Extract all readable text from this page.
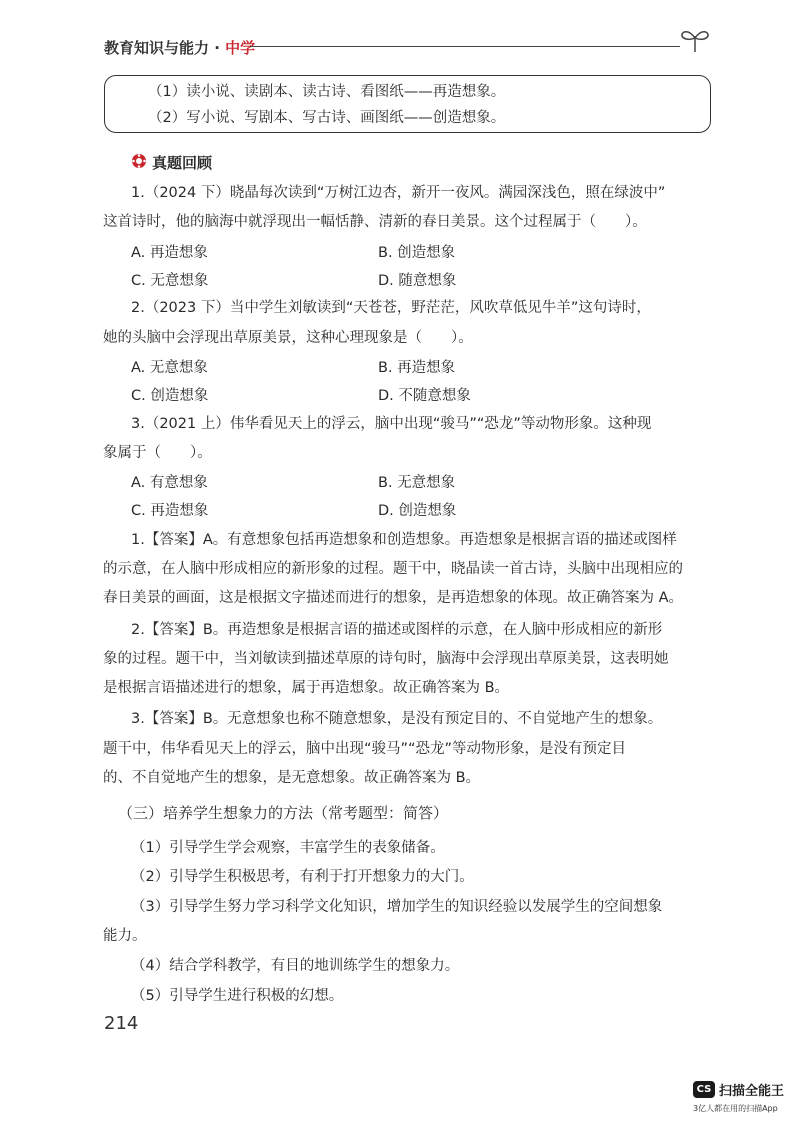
教育知识与能力 · 中学
（1）读小说、读剧本、读古诗、看图纸——再造想象。
（2）写小说、写剧本、写古诗、画图纸——创造想象。
真题回顾
1.（2024 下）晓晶每次读到“万树江边杏，新开一夜风。满园深浅色，照在绿波中”
这首诗时，他的脑海中就浮现出一幅恬静、清新的春日美景。这个过程属于（　　）。
A. 再造想象	B. 创造想象
C. 无意想象	D. 随意想象
2.（2023 下）当中学生刘敏读到“天苍苍，野茫茫，风吹草低见牛羊”这句诗时，
她的头脑中会浮现出草原美景，这种心理现象是（　　）。
A. 无意想象	B. 再造想象
C. 创造想象	D. 不随意想象
3.（2021 上）伟华看见天上的浮云，脑中出现“骏马”“恐龙”等动物形象。这种现
象属于（　　）。
A. 有意想象	B. 无意想象
C. 再造想象	D. 创造想象
1.【答案】A。有意想象包括再造想象和创造想象。再造想象是根据言语的描述或图样
的示意，在人脑中形成相应的新形象的过程。题干中，晓晶读一首古诗，头脑中出现相应的
春日美景的画面，这是根据文字描述而进行的想象，是再造想象的体现。故正确答案为 A。
2.【答案】B。再造想象是根据言语的描述或图样的示意，在人脑中形成相应的新形
象的过程。题干中，当刘敏读到描述草原的诗句时，脑海中会浮现出草原美景，这表明她
是根据言语描述进行的想象，属于再造想象。故正确答案为 B。
3.【答案】B。无意想象也称不随意想象，是没有预定目的、不自觉地产生的想象。
题干中，伟华看见天上的浮云，脑中出现“骏马”“恐龙”等动物形象，是没有预定目
的、不自觉地产生的想象，是无意想象。故正确答案为 B。
（三）培养学生想象力的方法（常考题型：简答）
（1）引导学生学会观察，丰富学生的表象储备。
（2）引导学生积极思考，有利于打开想象力的大门。
（3）引导学生努力学习科学文化知识，增加学生的知识经验以发展学生的空间想象
能力。
（4）结合学科教学，有目的地训练学生的想象力。
（5）引导学生进行积极的幻想。
214
CS 扫描全能王
3亿人都在用的扫描App
